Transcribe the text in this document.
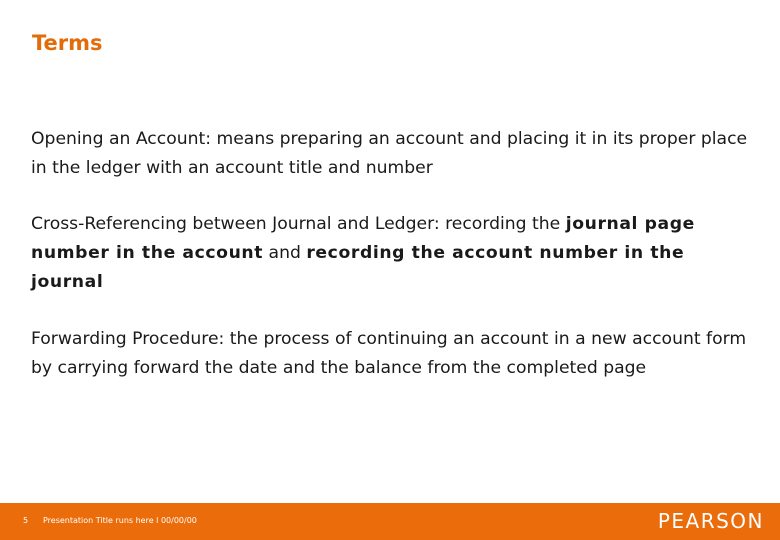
Terms

Opening an Account: means preparing an account and placing it in its proper place in the ledger with an account title and number

Cross-Referencing between Journal and Ledger: recording the journal page number in the account and recording the account number in the journal

Forwarding Procedure: the process of continuing an account in a new account form by carrying forward the date and the balance from the completed page

5 Presentation Title runs here l 00/00/00	PEARSON
